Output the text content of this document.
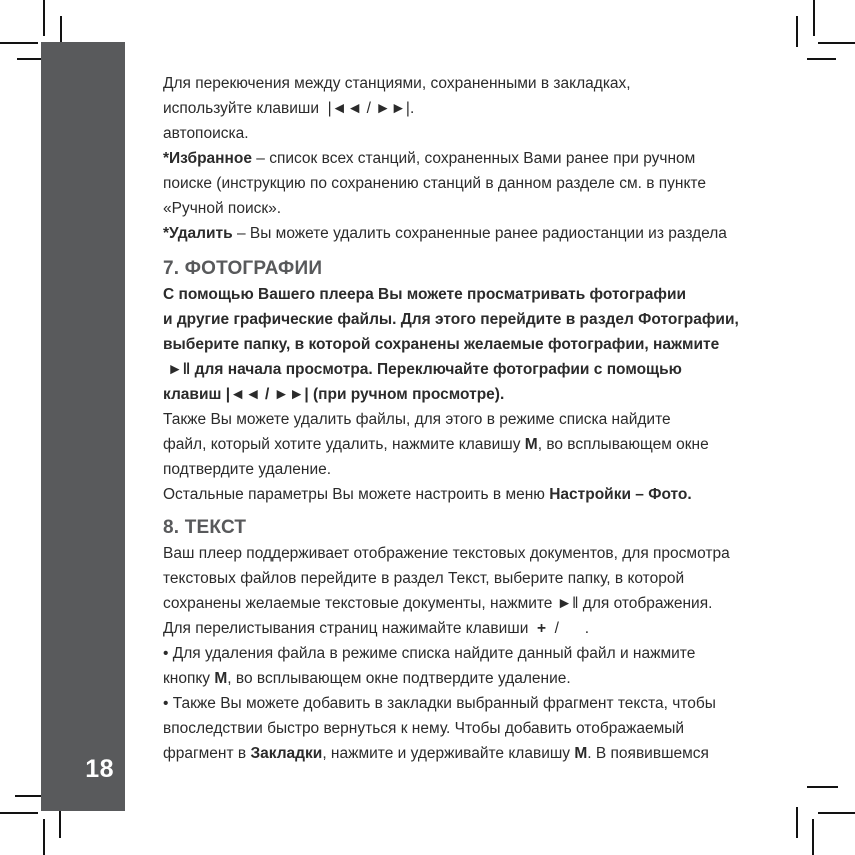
18
Для перекючения между станциями, сохраненными в закладках,
используйте клавиши  |◄◄ / ►►|.
автопоиска.
*Избранное – список всех станций, сохраненных Вами ранее при ручном
поиске (инструкцию по сохранению станций в данном разделе см. в пункте
«Ручной поиск».
*Удалить – Вы можете удалить сохраненные ранее радиостанции из раздела
7. ФОТОГРАФИИ
С помощью Вашего плеера Вы можете просматривать фотографии
и другие графические файлы. Для этого перейдите в раздел Фотографии,
выберите папку, в которой сохранены желаемые фотографии, нажмите
►‖ для начала просмотра. Переключайте фотографии с помощью
клавиш |◄◄ / ►►| (при ручном просмотре).
Также Вы можете удалить файлы, для этого в режиме списка найдите
файл, который хотите удалить, нажмите клавишу М, во всплывающем окне
подтвердите удаление.
Остальные параметры Вы можете настроить в меню Настройки – Фото.
8. ТЕКСТ
Ваш плеер поддерживает отображение текстовых документов, для просмотра
текстовых файлов перейдите в раздел Текст, выберите папку, в которой
сохранены желаемые текстовые документы, нажмите ►‖ для отображения.
Для перелистывания страниц нажимайте клавиши  +  /      .
• Для удаления файла в режиме списка найдите данный файл и нажмите
кнопку М, во всплывающем окне подтвердите удаление.
• Также Вы можете добавить в закладки выбранный фрагмент текста, чтобы
впоследствии быстро вернуться к нему. Чтобы добавить отображаемый
фрагмент в Закладки, нажмите и удерживайте клавишу М. В появившемся
